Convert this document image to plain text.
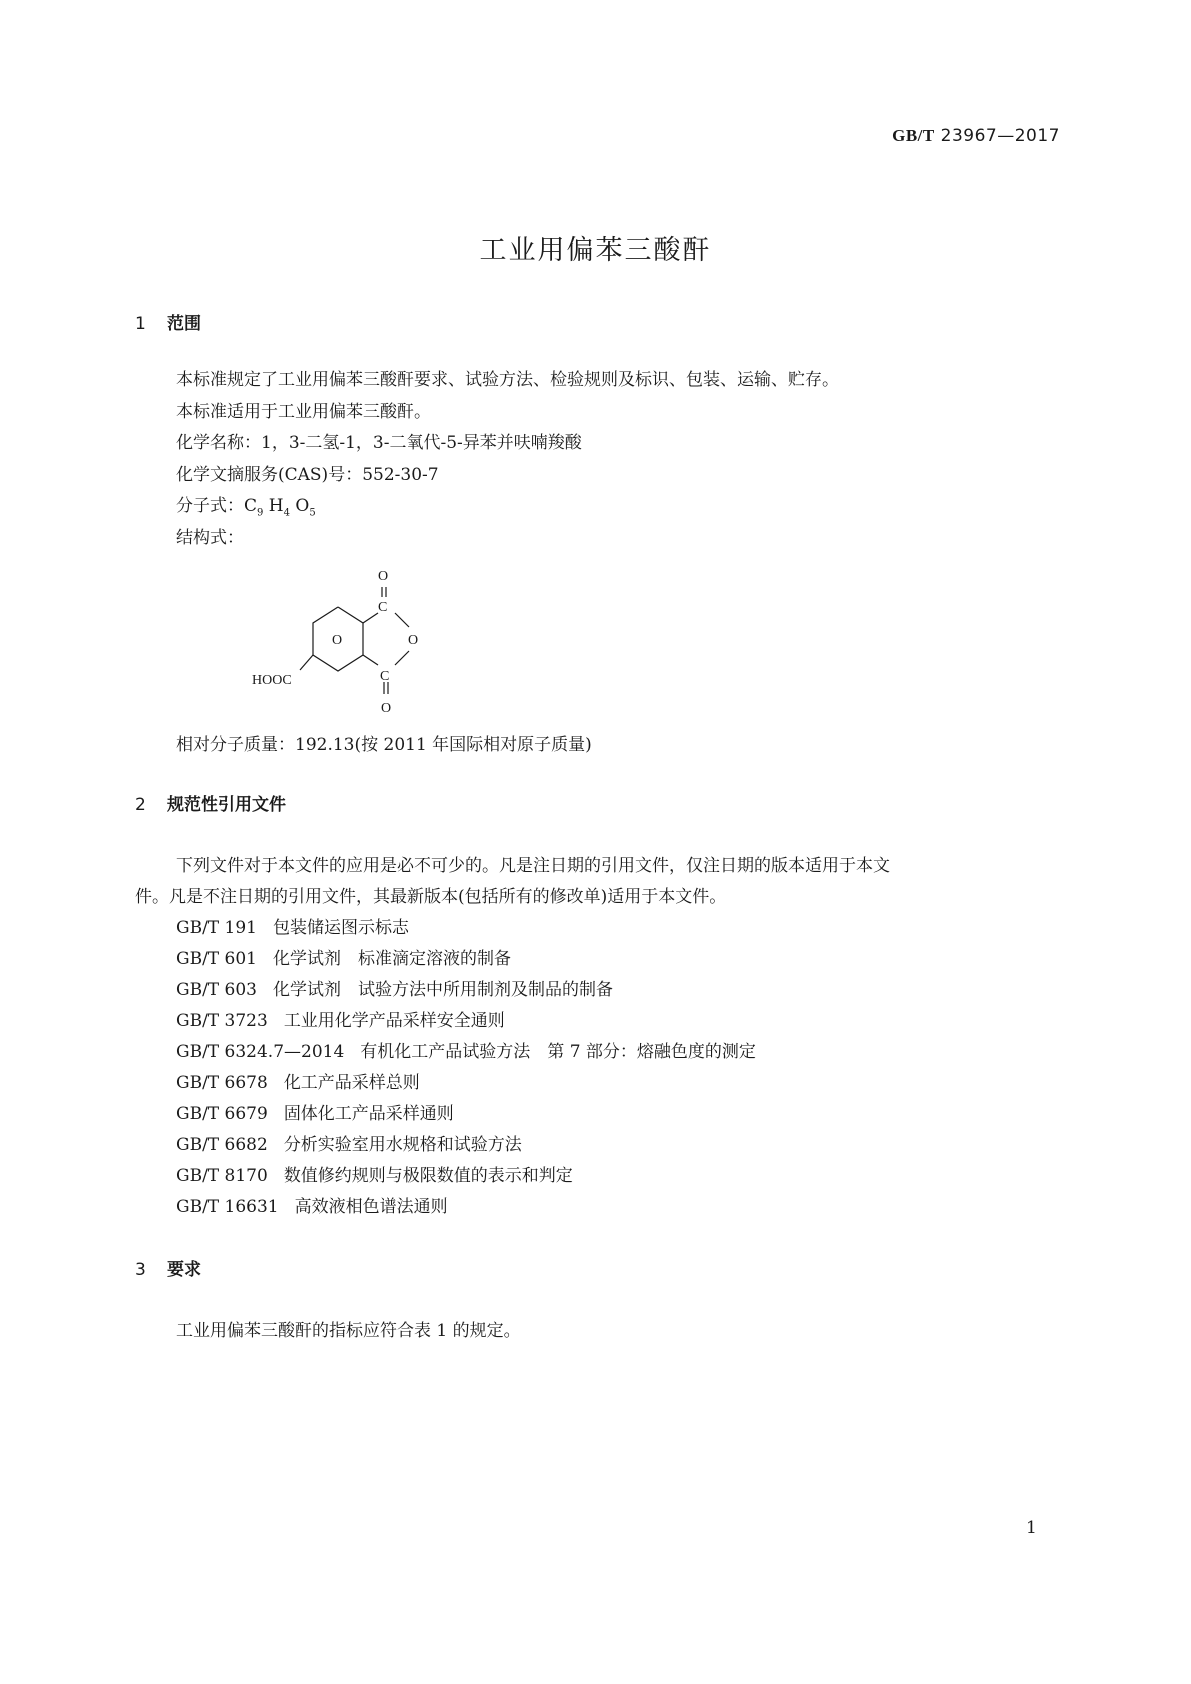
GB/T 23967—2017
工业用偏苯三酸酐
1 范围
本标准规定了工业用偏苯三酸酐要求、试验方法、检验规则及标识、包装、运输、贮存。
本标准适用于工业用偏苯三酸酐。
化学名称：1，3-二氢-1，3-二氧代-5-异苯并呋喃羧酸
化学文摘服务(CAS)号：552-30-7
分子式：$C_9$ $H_4$ $O_5$
结构式：
O
C
O	O
C
O
HOOC
相对分子质量：192.13(按 2011 年国际相对原子质量)
2 规范性引用文件
下列文件对于本文件的应用是必不可少的。凡是注日期的引用文件，仅注日期的版本适用于本文
件。凡是不注日期的引用文件，其最新版本(包括所有的修改单)适用于本文件。
GB/T 191 包装储运图示标志
GB/T 601 化学试剂　标准滴定溶液的制备
GB/T 603 化学试剂　试验方法中所用制剂及制品的制备
GB/T 3723 工业用化学产品采样安全通则
GB/T 6324.7—2014 有机化工产品试验方法　第 7 部分：熔融色度的测定
GB/T 6678 化工产品采样总则
GB/T 6679 固体化工产品采样通则
GB/T 6682 分析实验室用水规格和试验方法
GB/T 8170 数值修约规则与极限数值的表示和判定
GB/T 16631 高效液相色谱法通则
3 要求
工业用偏苯三酸酐的指标应符合表 1 的规定。
1
